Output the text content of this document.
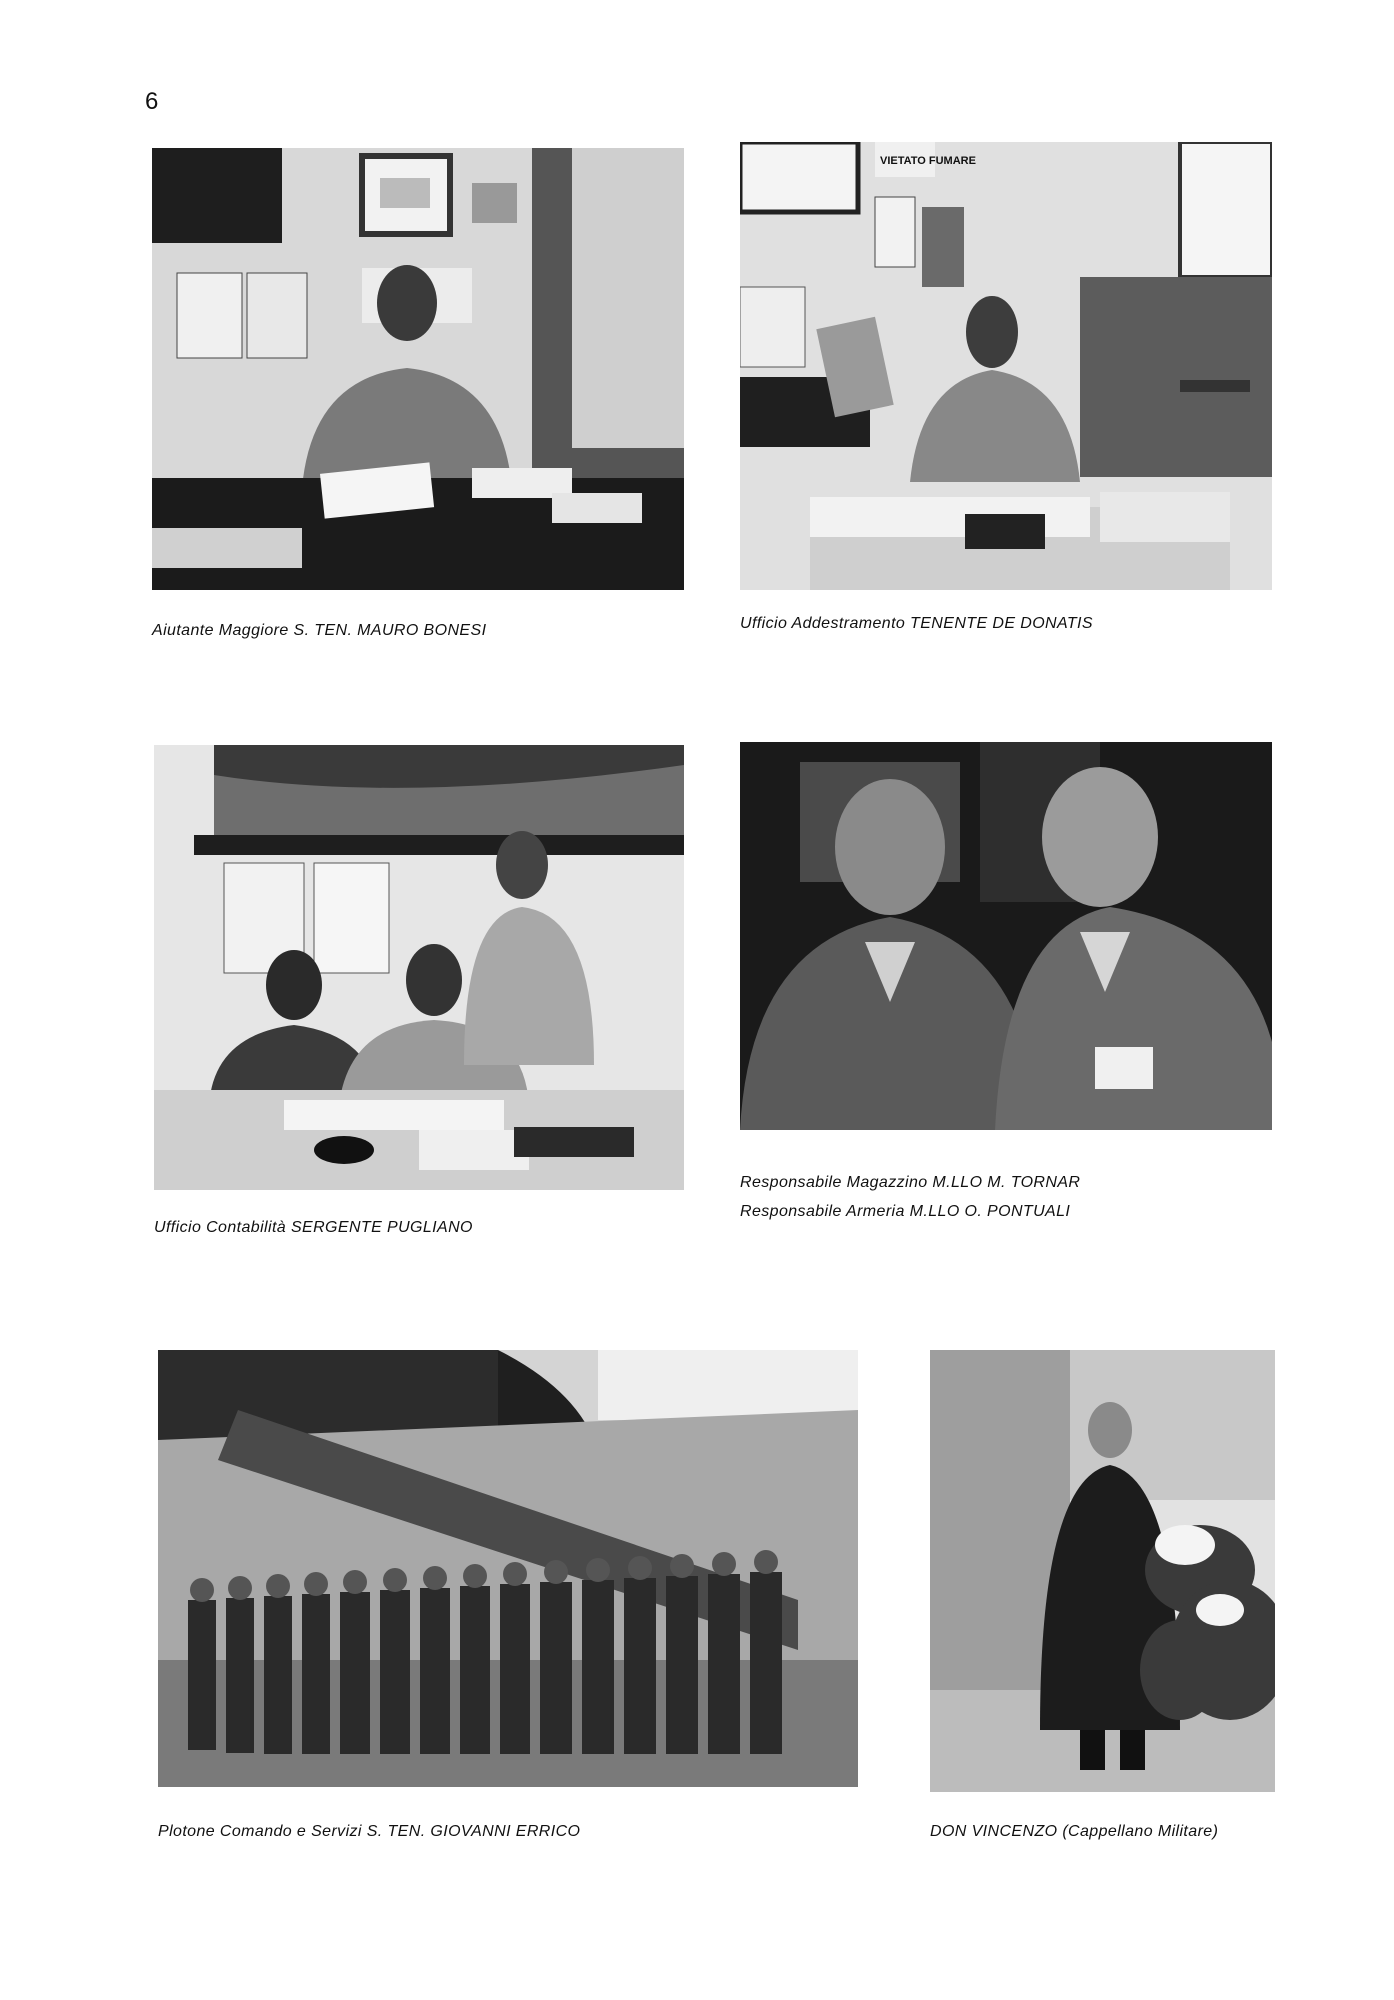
6
Aiutante Maggiore S. TEN. MAURO BONESI
VIETATO FUMARE
Ufficio Addestramento TENENTE DE DONATIS
Ufficio Contabilità SERGENTE PUGLIANO
Responsabile Magazzino M.LLO M. TORNAR
Responsabile Armeria M.LLO O. PONTUALI
Plotone Comando e Servizi S. TEN. GIOVANNI ERRICO	DON VINCENZO (Cappellano Militare)
